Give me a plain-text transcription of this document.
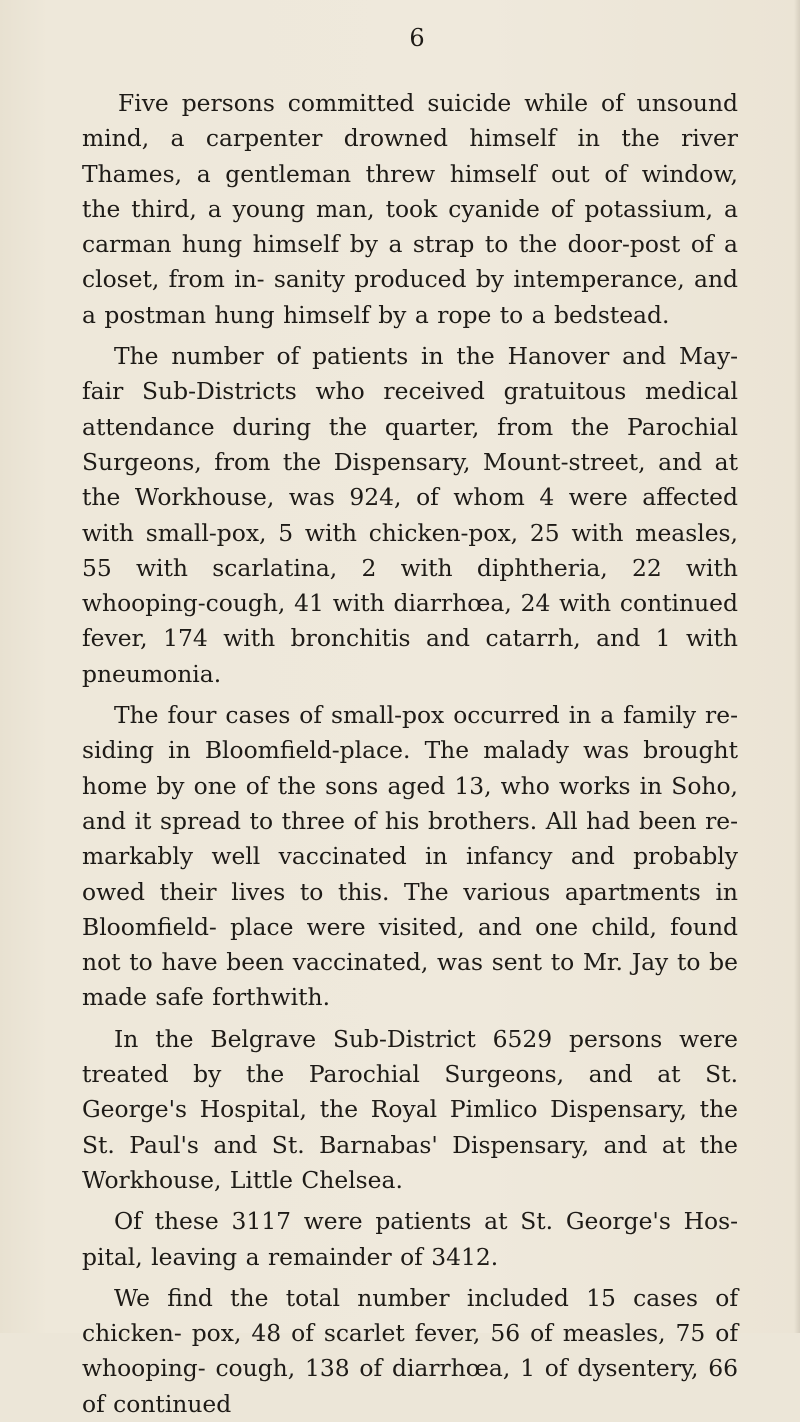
6

Five persons committed suicide while of unsound mind, a carpenter drowned himself in the river Thames, a gentleman threw himself out of window, the third, a young man, took cyanide of potassium, a carman hung himself by a strap to the door-post of a closet, from in- sanity produced by intemperance, and a postman hung himself by a rope to a bedstead.

The number of patients in the Hanover and May-fair Sub-Districts who received gratuitous medical attendance during the quarter, from the Parochial Surgeons, from the Dispensary, Mount-street, and at the Workhouse, was 924, of whom 4 were affected with small-pox, 5 with chicken-pox, 25 with measles, 55 with scarlatina, 2 with diphtheria, 22 with whooping-cough, 41 with diarrhœa, 24 with continued fever, 174 with bronchitis and catarrh, and 1 with pneumonia.

The four cases of small-pox occurred in a family re- siding in Bloomfield-place. The malady was brought home by one of the sons aged 13, who works in Soho, and it spread to three of his brothers. All had been re- markably well vaccinated in infancy and probably owed their lives to this. The various apartments in Bloomfield- place were visited, and one child, found not to have been vaccinated, was sent to Mr. Jay to be made safe forthwith.

In the Belgrave Sub-District 6529 persons were treated by the Parochial Surgeons, and at St. George's Hospital, the Royal Pimlico Dispensary, the St. Paul's and St. Barnabas' Dispensary, and at the Workhouse, Little Chelsea.

Of these 3117 were patients at St. George's Hos- pital, leaving a remainder of 3412.

We find the total number included 15 cases of chicken- pox, 48 of scarlet fever, 56 of measles, 75 of whooping- cough, 138 of diarrhœa, 1 of dysentery, 66 of continued
